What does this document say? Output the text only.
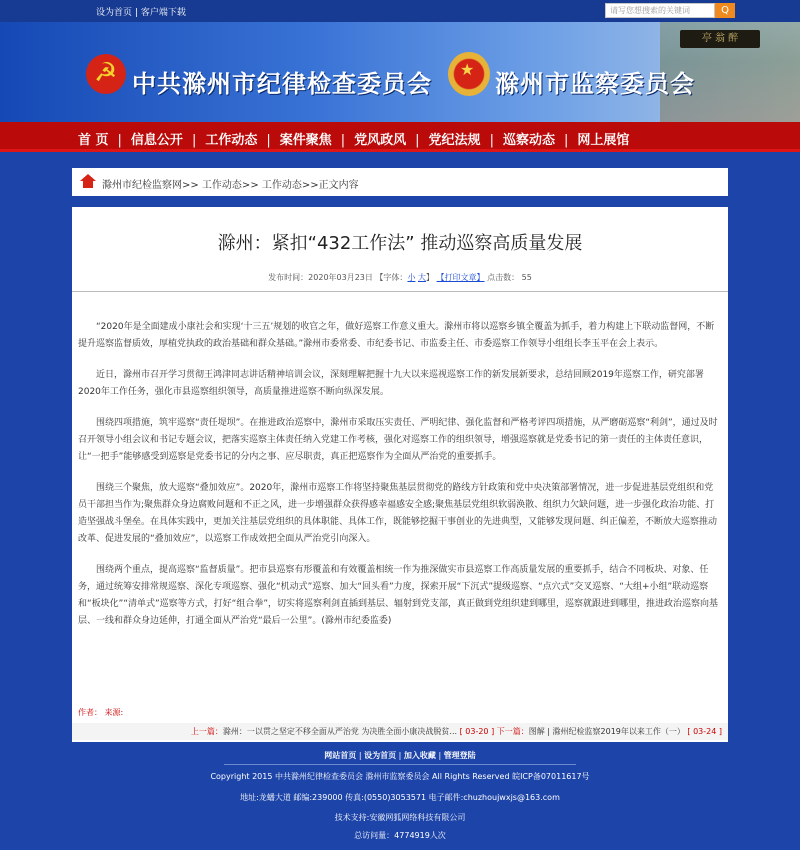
设为首页 | 客户端下载	请写您想搜索的关键词	Q
亭 翁 醉
☭ 中共滁州市纪律检查委员会
★
滁州市监察委员会
首 页 | 信息公开 | 工作动态 | 案件聚焦 | 党风政风 | 党纪法规 | 巡察动态 | 网上展馆
滁州市纪检监察网>> 工作动态>> 工作动态>>正文内容
滁州：紧扣“432工作法” 推动巡察高质量发展
发布时间：2020年03月23日 【字体：小 大】 【打印文章】 点击数： 55

“2020年是全面建成小康社会和实现‘十三五’规划的收官之年，做好巡察工作意义重大。滁州市将以巡察乡镇全覆盖为抓手，着力构建上下联动监督网，不断提升巡察监督质效，厚植党执政的政治基础和群众基础。”滁州市委常委、市纪委书记、市监委主任、市委巡察工作领导小组组长李玉平在会上表示。

近日，滁州市召开学习贯彻王鸿津同志讲话精神培训会议，深刻理解把握十九大以来巡视巡察工作的新发展新要求，总结回顾2019年巡察工作，研究部署2020年工作任务，强化市县巡察组织领导，高质量推进巡察不断向纵深发展。

围绕四项措施，筑牢巡察“责任堤坝”。在推进政治巡察中，滁州市采取压实责任、严明纪律、强化监督和严格考评四项措施，从严磨砺巡察“利剑”，通过及时召开领导小组会议和书记专题会议，把落实巡察主体责任纳入党建工作考核，强化对巡察工作的组织领导，增强巡察就是党委书记的第一责任的主体责任意识，让“一把手”能够感受到巡察是党委书记的分内之事、应尽职责，真正把巡察作为全面从严治党的重要抓手。

围绕三个聚焦，放大巡察“叠加效应”。2020年，滁州市巡察工作将坚持聚焦基层贯彻党的路线方针政策和党中央决策部署情况，进一步促进基层党组织和党员干部担当作为;聚焦群众身边腐败问题和不正之风，进一步增强群众获得感幸福感安全感;聚焦基层党组织软弱涣散、组织力欠缺问题，进一步强化政治功能、打造坚强战斗堡垒。在具体实践中，更加关注基层党组织的具体职能、具体工作，既能够挖掘干事创业的先进典型，又能够发现问题、纠正偏差，不断放大巡察推动改革、促进发展的“叠加效应”，以巡察工作成效把全面从严治党引向深入。

围绕两个重点，提高巡察“监督质量”。把市县巡察有形覆盖和有效覆盖相统一作为推深做实市县巡察工作高质量发展的重要抓手，结合不同板块、对象、任务，通过统筹安排常规巡察、深化专项巡察、强化“机动式”巡察、加大“回头看”力度，探索开展“下沉式”提级巡察、“点穴式”交叉巡察、“大组+小组”联动巡察和“板块化”“清单式”巡察等方式，打好“组合拳”，切实将巡察利剑直插到基层、辐射到党支部，真正做到党组织建到哪里，巡察就跟进到哪里，推进政治巡察向基层、一线和群众身边延伸，打通全面从严治党“最后一公里”。(滁州市纪委监委)

作者： 来源:
上一篇：滁州：一以贯之坚定不移全面从严治党 为决胜全面小康决战脱贫... [ 03-20 ] 下一篇：图解 | 滁州纪检监察2019年以来工作（一） [ 03-24 ]
网站首页 | 设为首页 | 加入收藏 | 管理登陆
Copyright 2015 中共滁州纪律检查委员会 滁州市监察委员会 All Rights Reserved 皖ICP备07011617号
地址:龙蟠大道 邮编:239000 传真:(0550)3053571 电子邮件:chuzhoujwxjs@163.com
技术支持:安徽网狐网络科技有限公司
总访问量：4774919人次
